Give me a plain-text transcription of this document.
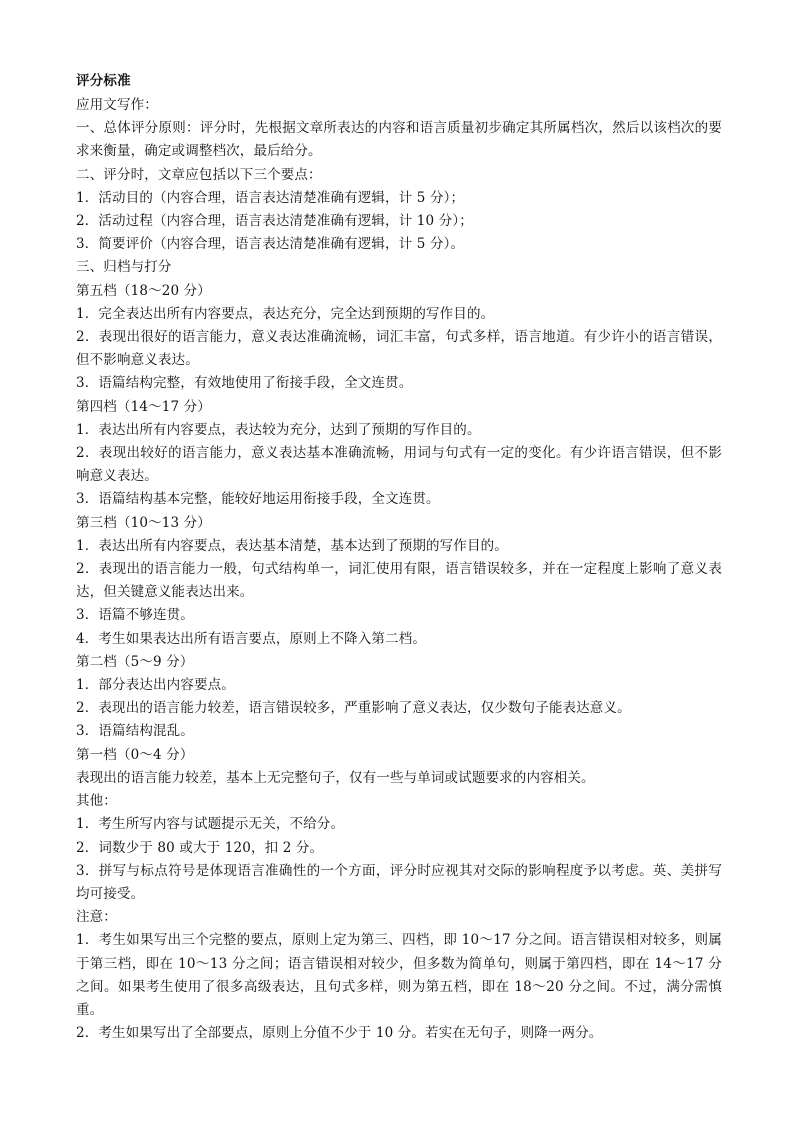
评分标准
应用文写作：
一、总体评分原则：评分时，先根据文章所表达的内容和语言质量初步确定其所属档次，然后以该档次的要求来衡量，确定或调整档次，最后给分。
二、评分时，文章应包括以下三个要点：
1．活动目的（内容合理，语言表达清楚准确有逻辑，计 5 分）；
2．活动过程（内容合理，语言表达清楚准确有逻辑，计 10 分）；
3．简要评价（内容合理，语言表达清楚准确有逻辑，计 5 分）。
三、归档与打分
第五档（18～20 分）
1．完全表达出所有内容要点，表达充分，完全达到预期的写作目的。
2．表现出很好的语言能力，意义表达准确流畅，词汇丰富，句式多样，语言地道。有少许小的语言错误，但不影响意义表达。
3．语篇结构完整，有效地使用了衔接手段，全文连贯。
第四档（14～17 分）
1．表达出所有内容要点，表达较为充分，达到了预期的写作目的。
2．表现出较好的语言能力，意义表达基本准确流畅，用词与句式有一定的变化。有少许语言错误，但不影响意义表达。
3．语篇结构基本完整，能较好地运用衔接手段，全文连贯。
第三档（10～13 分）
1．表达出所有内容要点，表达基本清楚，基本达到了预期的写作目的。
2．表现出的语言能力一般，句式结构单一，词汇使用有限，语言错误较多，并在一定程度上影响了意义表达，但关键意义能表达出来。
3．语篇不够连贯。
4．考生如果表达出所有语言要点，原则上不降入第二档。
第二档（5～9 分）
1．部分表达出内容要点。
2．表现出的语言能力较差，语言错误较多，严重影响了意义表达，仅少数句子能表达意义。
3．语篇结构混乱。
第一档（0～4 分）
表现出的语言能力较差，基本上无完整句子，仅有一些与单词或试题要求的内容相关。
其他：
1．考生所写内容与试题提示无关，不给分。
2．词数少于 80 或大于 120，扣 2 分。
3．拼写与标点符号是体现语言准确性的一个方面，评分时应视其对交际的影响程度予以考虑。英、美拼写均可接受。
注意：
1．考生如果写出三个完整的要点，原则上定为第三、四档，即 10～17 分之间。语言错误相对较多，则属于第三档，即在 10～13 分之间；语言错误相对较少，但多数为简单句，则属于第四档，即在 14～17 分之间。如果考生使用了很多高级表达，且句式多样，则为第五档，即在 18～20 分之间。不过，满分需慎重。
2．考生如果写出了全部要点，原则上分值不少于 10 分。若实在无句子，则降一两分。
